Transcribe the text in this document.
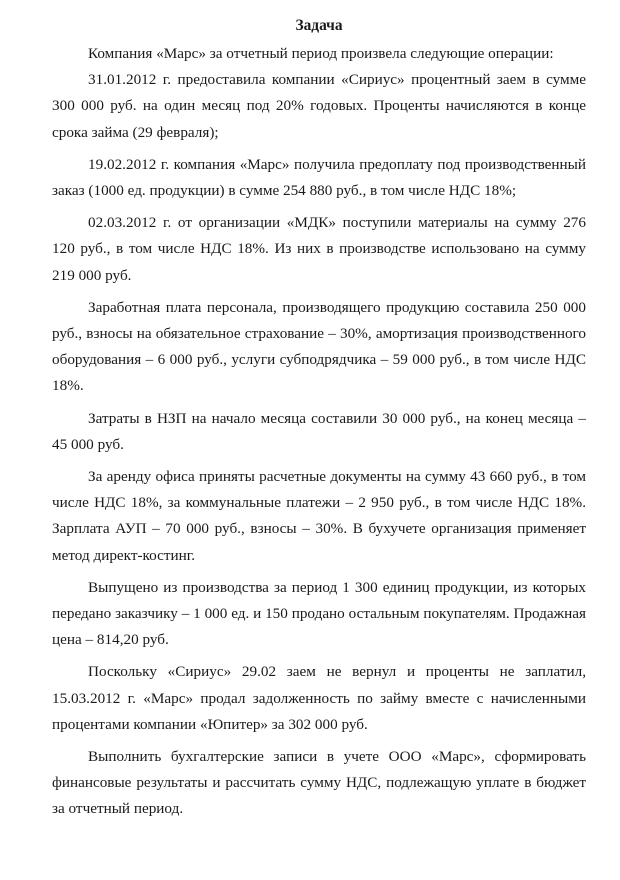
Задача

Компания «Марс» за отчетный период произвела следующие операции:

31.01.2012 г. предоставила компании «Сириус» процентный заем в сумме 300 000 руб. на один месяц под 20% годовых. Проценты начисляются в конце срока займа (29 февраля);

19.02.2012 г. компания «Марс» получила предоплату под производственный заказ (1000 ед. продукции) в сумме 254 880 руб., в том числе НДС 18%;

02.03.2012 г. от организации «МДК» поступили материалы на сумму 276 120 руб., в том числе НДС 18%. Из них в производстве использовано на сумму 219 000 руб.

Заработная плата персонала, производящего продукцию составила 250 000 руб., взносы на обязательное страхование – 30%, амортизация производственного оборудования – 6 000 руб., услуги субподрядчика – 59 000 руб., в том числе НДС 18%.

Затраты в НЗП на начало месяца составили 30 000 руб., на конец месяца – 45 000 руб.

За аренду офиса приняты расчетные документы на сумму 43 660 руб., в том числе НДС 18%, за коммунальные платежи – 2 950 руб., в том числе НДС 18%. Зарплата АУП – 70 000 руб., взносы – 30%. В бухучете организация применяет метод директ-костинг.

Выпущено из производства за период 1 300 единиц продукции, из которых передано заказчику – 1 000 ед. и 150 продано остальным покупателям. Продажная цена – 814,20 руб.

Поскольку «Сириус» 29.02 заем не вернул и проценты не заплатил, 15.03.2012 г. «Марс» продал задолженность по займу вместе с начисленными процентами компании «Юпитер» за 302 000 руб.

Выполнить бухгалтерские записи в учете ООО «Марс», сформировать финансовые результаты и рассчитать сумму НДС, подлежащую уплате в бюджет за отчетный период.
